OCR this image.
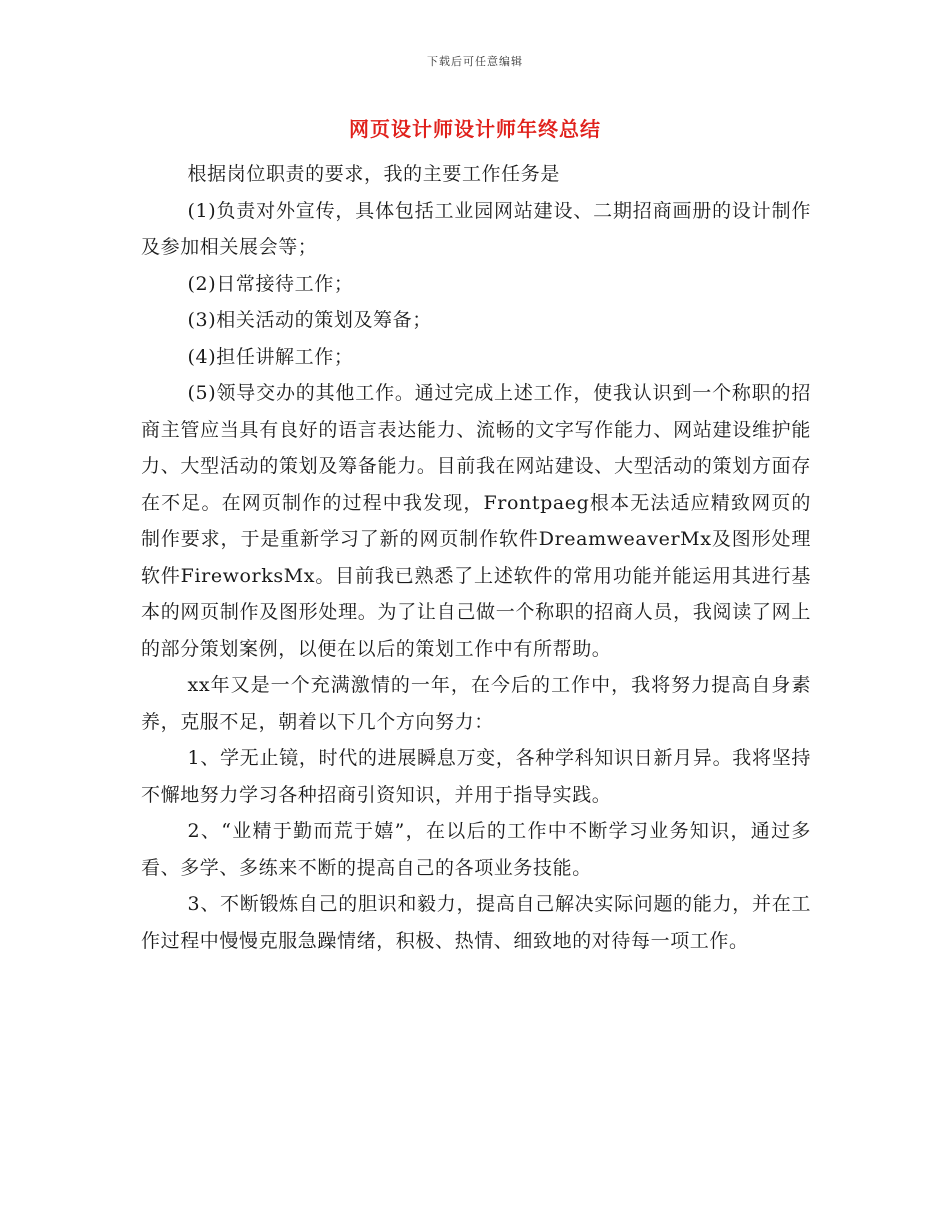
下载后可任意编辑
网页设计师设计师年终总结

根据岗位职责的要求，我的主要工作任务是

(1)负责对外宣传，具体包括工业园网站建设、二期招商画册的设计制作及参加相关展会等；

(2)日常接待工作；

(3)相关活动的策划及筹备；

(4)担任讲解工作；

(5)领导交办的其他工作。通过完成上述工作，使我认识到一个称职的招商主管应当具有良好的语言表达能力、流畅的文字写作能力、网站建设维护能力、大型活动的策划及筹备能力。目前我在网站建设、大型活动的策划方面存在不足。在网页制作的过程中我发现，Frontpaeg根本无法适应精致网页的制作要求，于是重新学习了新的网页制作软件DreamweaverMx及图形处理软件FireworksMx。目前我已熟悉了上述软件的常用功能并能运用其进行基本的网页制作及图形处理。为了让自己做一个称职的招商人员，我阅读了网上的部分策划案例，以便在以后的策划工作中有所帮助。

xx年又是一个充满激情的一年，在今后的工作中，我将努力提高自身素养，克服不足，朝着以下几个方向努力：

1、学无止镜，时代的进展瞬息万变，各种学科知识日新月异。我将坚持不懈地努力学习各种招商引资知识，并用于指导实践。

2、“业精于勤而荒于嬉”，在以后的工作中不断学习业务知识，通过多看、多学、多练来不断的提高自己的各项业务技能。

3、不断锻炼自己的胆识和毅力，提高自己解决实际问题的能力，并在工作过程中慢慢克服急躁情绪，积极、热情、细致地的对待每一项工作。
